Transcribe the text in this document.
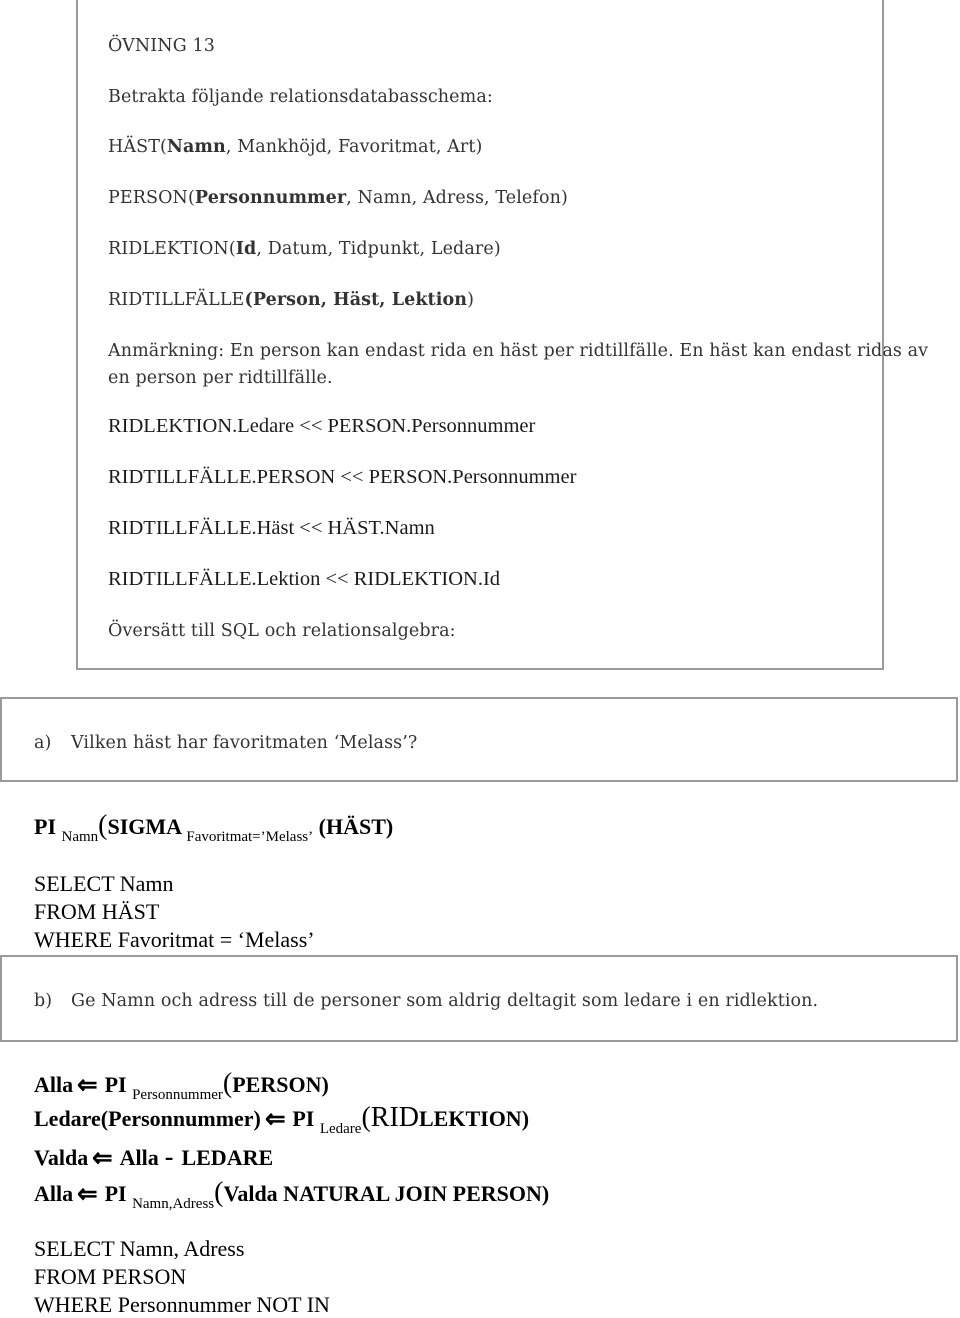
ÖVNING 13
Betrakta följande relationsdatabasschema:
HÄST(Namn, Mankhöjd, Favoritmat, Art)
PERSON(Personnummer, Namn, Adress, Telefon)
RIDLEKTION(Id, Datum, Tidpunkt, Ledare)
RIDTILLFÄLLE(Person, Häst, Lektion)
Anmärkning: En person kan endast rida en häst per ridtillfälle. En häst kan endast ridas av
en person per ridtillfälle.
RIDLEKTION.Ledare << PERSON.Personnummer
RIDTILLFÄLLE.PERSON << PERSON.Personnummer
RIDTILLFÄLLE.Häst << HÄST.Namn
RIDTILLFÄLLE.Lektion << RIDLEKTION.Id
Översätt till SQL och relationsalgebra:
a) Vilken häst har favoritmaten ‘Melass’?
PI $_{Namn}$(SIGMA $_{Favoritmat=’Melass’}$ (HÄST)
SELECT Namn
FROM HÄST
WHERE Favoritmat = ‘Melass’
b) Ge Namn och adress till de personer som aldrig deltagit som ledare i en ridlektion.
Alla ⇐ PI $_{Personnummer}$(PERSON)
Ledare(Personnummer) ⇐ PI $_{Ledare}$(RIDLEKTION)
Valda ⇐ Alla - LEDARE
Alla ⇐ PI $_{Namn,Adress}$(Valda NATURAL JOIN PERSON)
SELECT Namn, Adress
FROM PERSON
WHERE Personnummer NOT IN
